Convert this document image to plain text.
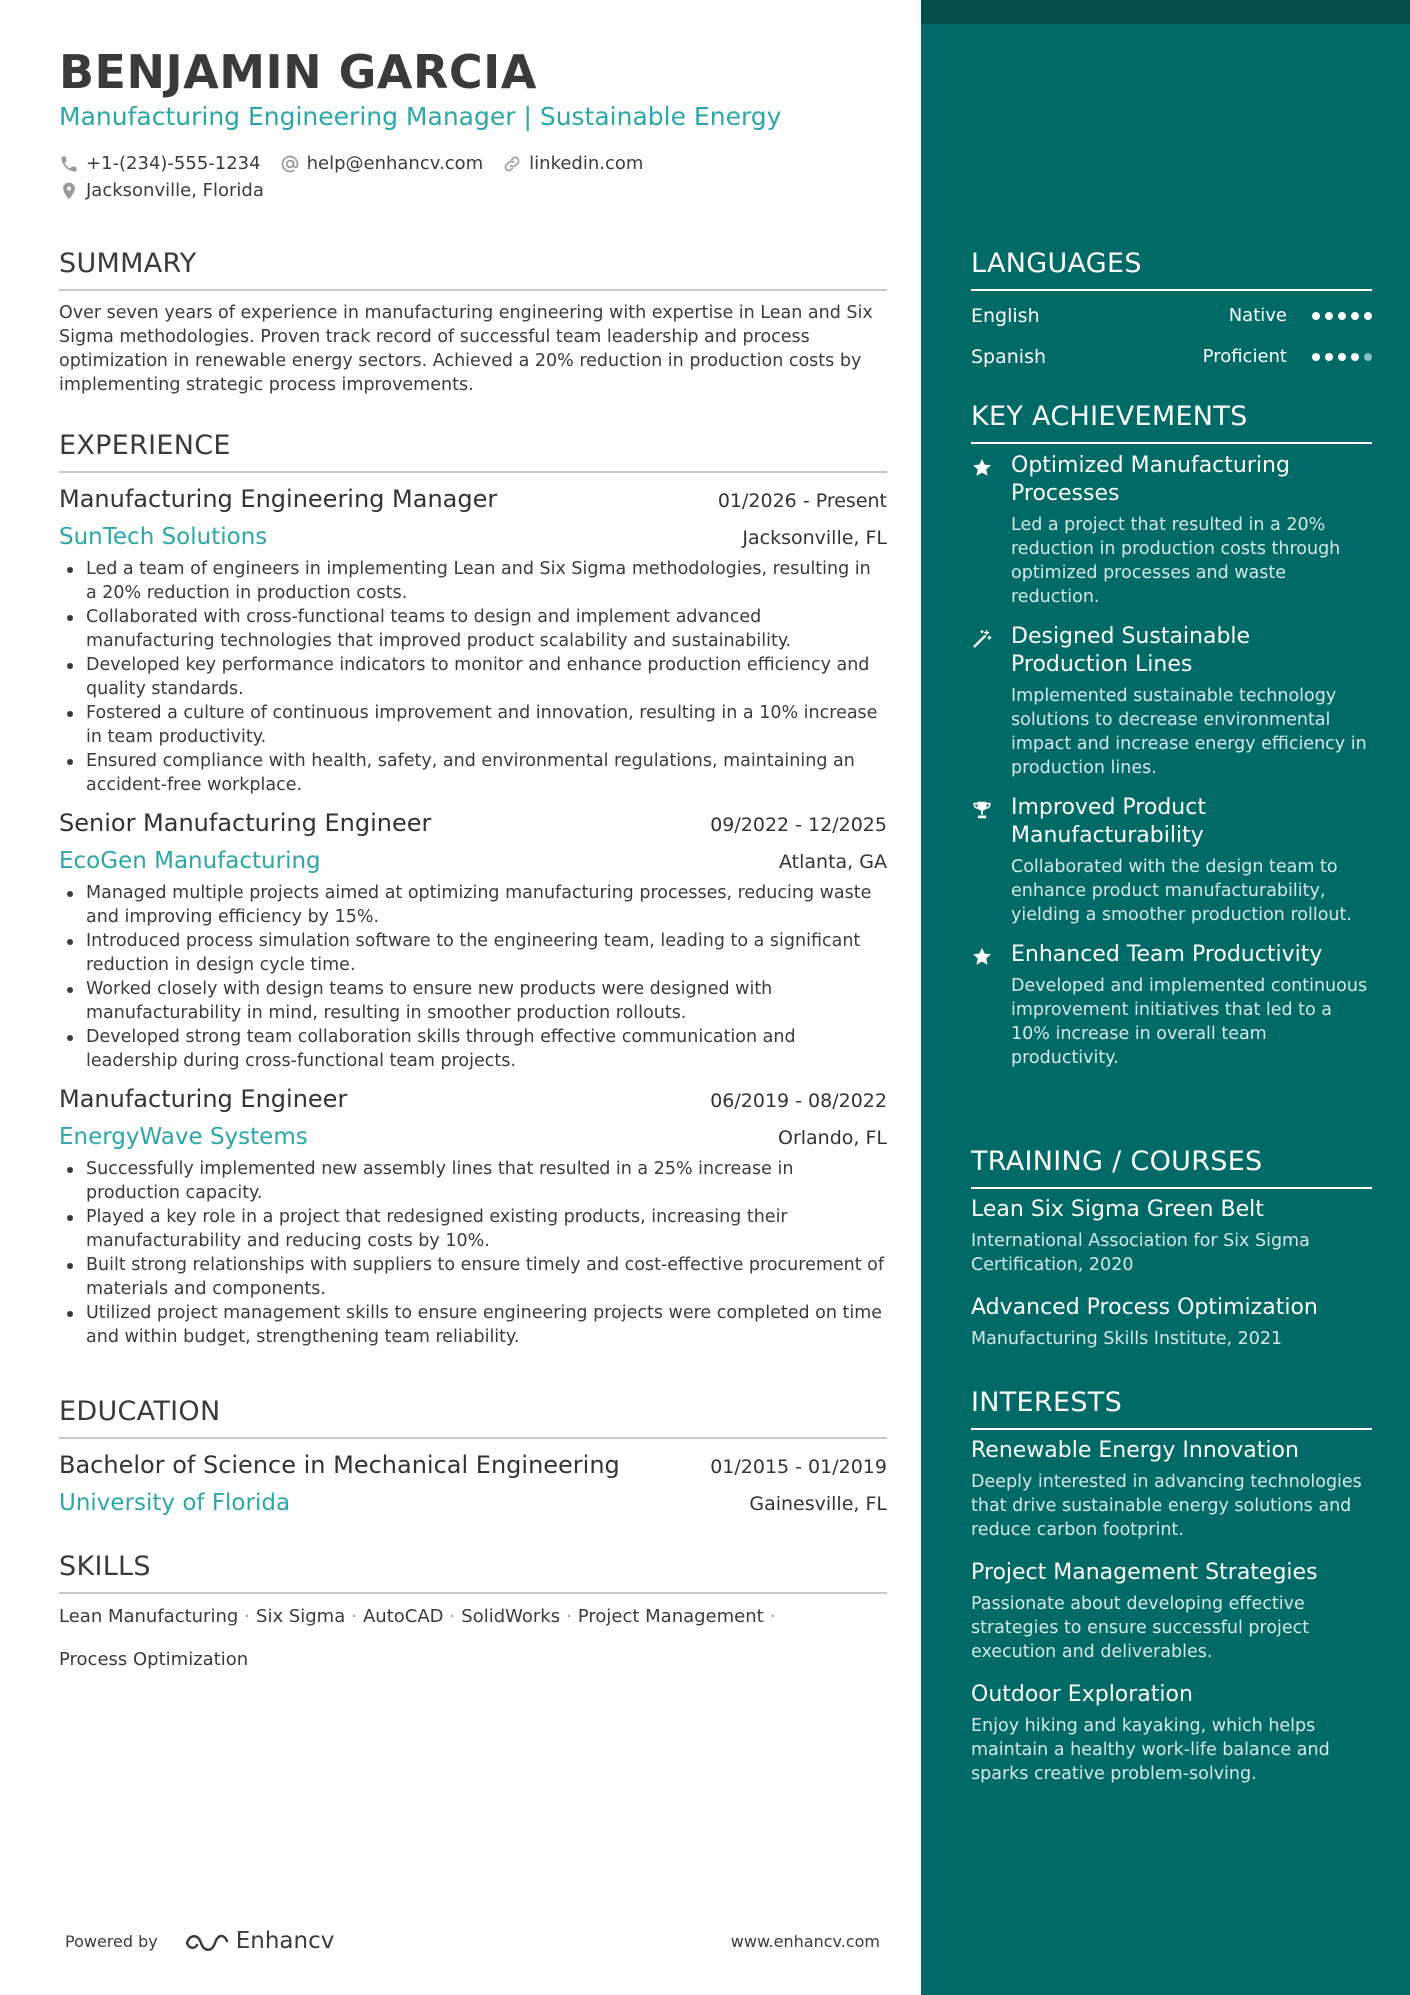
BENJAMIN GARCIA
Manufacturing Engineering Manager | Sustainable Energy
+1-(234)-555-1234	help@enhancv.com	linkedin.com
Jacksonville, Florida
SUMMARY

Over seven years of experience in manufacturing engineering with expertise in Lean and Six Sigma methodologies. Proven track record of successful team leadership and process optimization in renewable energy sectors. Achieved a 20% reduction in production costs by implementing strategic process improvements.

EXPERIENCE
Manufacturing Engineering Manager	01/2026 - Present
SunTech Solutions	Jacksonville, FL
Led a team of engineers in implementing Lean and Six Sigma methodologies, resulting in a 20% reduction in production costs.
Collaborated with cross-functional teams to design and implement advanced manufacturing technologies that improved product scalability and sustainability.
Developed key performance indicators to monitor and enhance production efficiency and quality standards.
Fostered a culture of continuous improvement and innovation, resulting in a 10% increase in team productivity.
Ensured compliance with health, safety, and environmental regulations, maintaining an accident-free workplace.
Senior Manufacturing Engineer	09/2022 - 12/2025
EcoGen Manufacturing	Atlanta, GA
Managed multiple projects aimed at optimizing manufacturing processes, reducing waste and improving efficiency by 15%.
Introduced process simulation software to the engineering team, leading to a significant reduction in design cycle time.
Worked closely with design teams to ensure new products were designed with manufacturability in mind, resulting in smoother production rollouts.
Developed strong team collaboration skills through effective communication and leadership during cross-functional team projects.
Manufacturing Engineer	06/2019 - 08/2022
EnergyWave Systems	Orlando, FL
Successfully implemented new assembly lines that resulted in a 25% increase in production capacity.
Played a key role in a project that redesigned existing products, increasing their manufacturability and reducing costs by 10%.
Built strong relationships with suppliers to ensure timely and cost-effective procurement of materials and components.
Utilized project management skills to ensure engineering projects were completed on time and within budget, strengthening team reliability.
EDUCATION
Bachelor of Science in Mechanical Engineering	01/2015 - 01/2019
University of Florida	Gainesville, FL
SKILLS
Lean Manufacturing · Six Sigma · AutoCAD · SolidWorks · Project Management ·
Process Optimization
Powered by	Enhancv	www.enhancv.com
LANGUAGES
English	Native
Spanish	Proficient
KEY ACHIEVEMENTS
Optimized Manufacturing Processes
Led a project that resulted in a 20% reduction in production costs through optimized processes and waste reduction.
Designed Sustainable Production Lines
Implemented sustainable technology solutions to decrease environmental impact and increase energy efficiency in production lines.
Improved Product Manufacturability
Collaborated with the design team to enhance product manufacturability, yielding a smoother production rollout.
Enhanced Team Productivity
Developed and implemented continuous improvement initiatives that led to a 10% increase in overall team productivity.
TRAINING / COURSES
Lean Six Sigma Green Belt
International Association for Six Sigma Certification, 2020
Advanced Process Optimization
Manufacturing Skills Institute, 2021
INTERESTS
Renewable Energy Innovation
Deeply interested in advancing technologies that drive sustainable energy solutions and reduce carbon footprint.
Project Management Strategies
Passionate about developing effective strategies to ensure successful project execution and deliverables.
Outdoor Exploration
Enjoy hiking and kayaking, which helps maintain a healthy work-life balance and sparks creative problem-solving.
